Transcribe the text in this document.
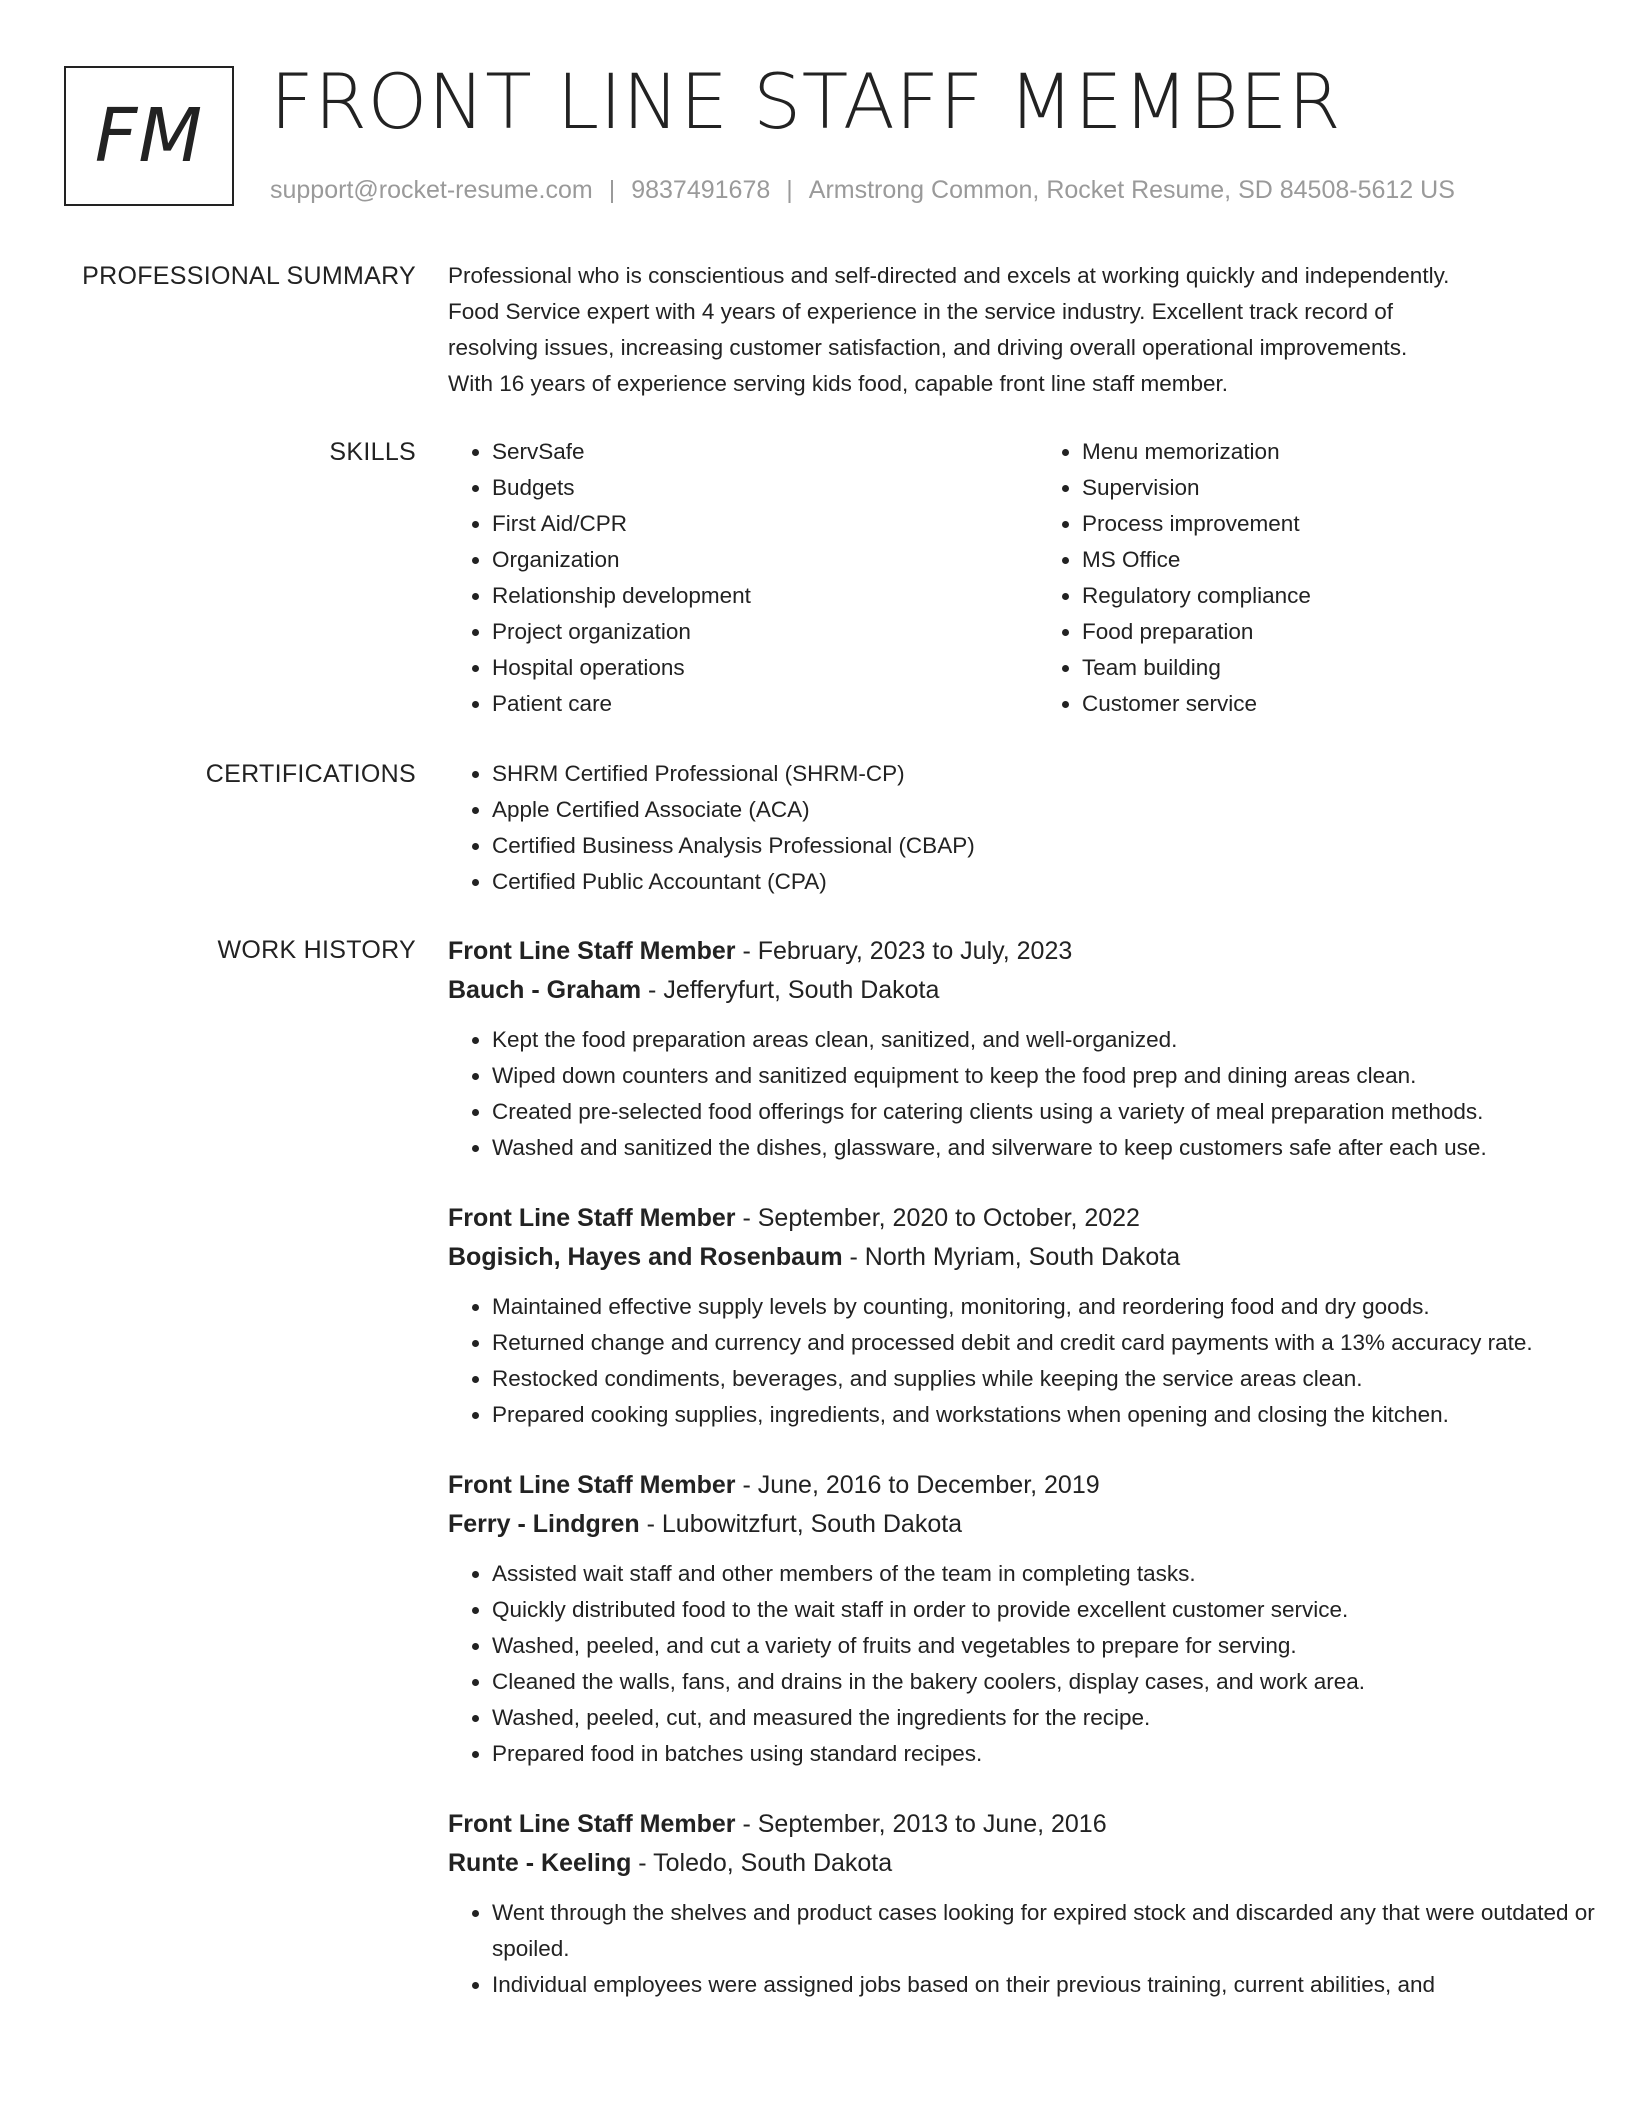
FM FRONT LINE STAFF MEMBER
support@rocket-resume.com | 9837491678 | Armstrong Common, Rocket Resume, SD 84508-5612 US
PROFESSIONAL SUMMARY Professional who is conscientious and self-directed and excels at working quickly and independently.
Food Service expert with 4 years of experience in the service industry. Excellent track record of
resolving issues, increasing customer satisfaction, and driving overall operational improvements.
With 16 years of experience serving kids food, capable front line staff member.
SKILLS	• ServSafe
• Budgets
• First Aid/CPR
• Organization
• Relationship development
• Project organization
• Hospital operations
• Patient care
• Menu memorization
• Supervision
• Process improvement
• MS Office
• Regulatory compliance
• Food preparation
• Team building
• Customer service
CERTIFICATIONS	• SHRM Certified Professional (SHRM-CP)
• Apple Certified Associate (ACA)
• Certified Business Analysis Professional (CBAP)
• Certified Public Accountant (CPA)
WORK HISTORY Front Line Staff Member - February, 2023 to July, 2023
Bauch - Graham - Jefferyfurt, South Dakota
• Kept the food preparation areas clean, sanitized, and well-organized.
• Wiped down counters and sanitized equipment to keep the food prep and dining areas clean.
• Created pre-selected food offerings for catering clients using a variety of meal preparation methods.
• Washed and sanitized the dishes, glassware, and silverware to keep customers safe after each use.
Front Line Staff Member - September, 2020 to October, 2022
Bogisich, Hayes and Rosenbaum - North Myriam, South Dakota
• Maintained effective supply levels by counting, monitoring, and reordering food and dry goods.
• Returned change and currency and processed debit and credit card payments with a 13% accuracy rate.
• Restocked condiments, beverages, and supplies while keeping the service areas clean.
• Prepared cooking supplies, ingredients, and workstations when opening and closing the kitchen.
Front Line Staff Member - June, 2016 to December, 2019
Ferry - Lindgren - Lubowitzfurt, South Dakota
• Assisted wait staff and other members of the team in completing tasks.
• Quickly distributed food to the wait staff in order to provide excellent customer service.
• Washed, peeled, and cut a variety of fruits and vegetables to prepare for serving.
• Cleaned the walls, fans, and drains in the bakery coolers, display cases, and work area.
• Washed, peeled, cut, and measured the ingredients for the recipe.
• Prepared food in batches using standard recipes.
Front Line Staff Member - September, 2013 to June, 2016
Runte - Keeling - Toledo, South Dakota
• Went through the shelves and product cases looking for expired stock and discarded any that were outdated or spoiled.
• Individual employees were assigned jobs based on their previous training, current abilities, and
